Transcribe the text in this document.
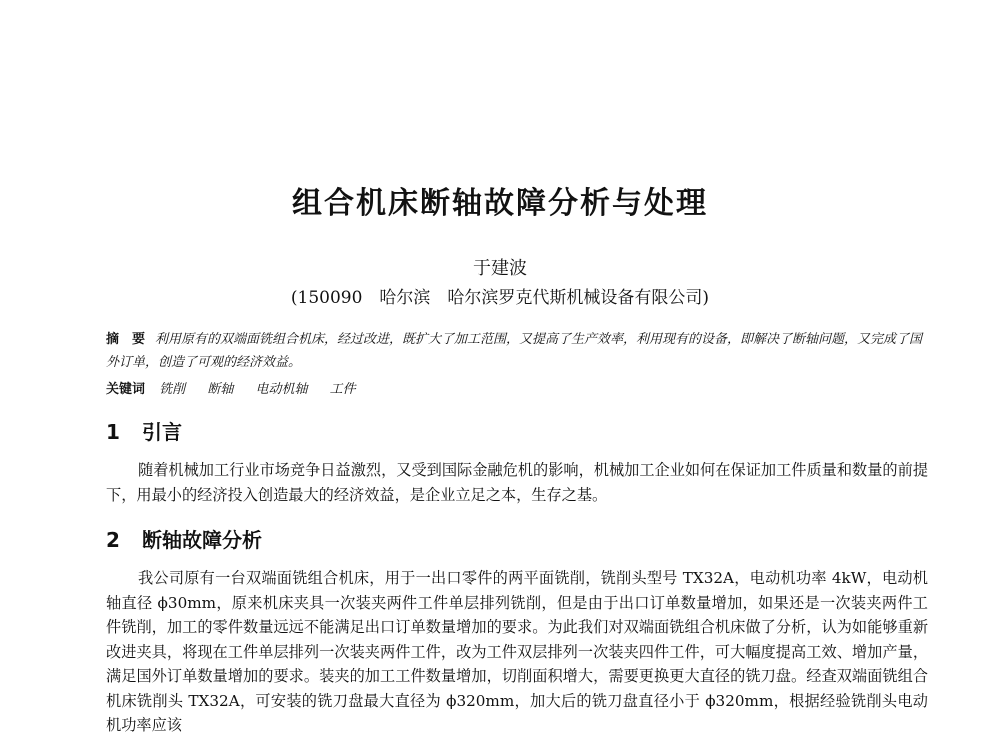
组合机床断轴故障分析与处理
于建波
(150090　哈尔滨　哈尔滨罗克代斯机械设备有限公司)
摘　要 利用原有的双端面铣组合机床，经过改进，既扩大了加工范围，又提高了生产效率，利用现有的设备，即解决了断轴问题，又完成了国外订单，创造了可观的经济效益。
关键词 铣削 断轴 电动机轴 工件
1 引言
随着机械加工行业市场竞争日益激烈，又受到国际金融危机的影响，机械加工企业如何在保证加工件质量和数量的前提下，用最小的经济投入创造最大的经济效益，是企业立足之本，生存之基。
2 断轴故障分析
我公司原有一台双端面铣组合机床，用于一出口零件的两平面铣削，铣削头型号 TX32A，电动机功率 4kW，电动机轴直径 ϕ30mm，原来机床夹具一次装夹两件工件单层排列铣削，但是由于出口订单数量增加，如果还是一次装夹两件工件铣削，加工的零件数量远远不能满足出口订单数量增加的要求。为此我们对双端面铣组合机床做了分析，认为如能够重新改进夹具，将现在工件单层排列一次装夹两件工件，改为工件双层排列一次装夹四件工件，可大幅度提高工效、增加产量，满足国外订单数量增加的要求。装夹的加工工件数量增加，切削面积增大，需要更换更大直径的铣刀盘。经查双端面铣组合机床铣削头 TX32A，可安装的铣刀盘最大直径为 ϕ320mm，加大后的铣刀盘直径小于 ϕ320mm，根据经验铣削头电动机功率应该
